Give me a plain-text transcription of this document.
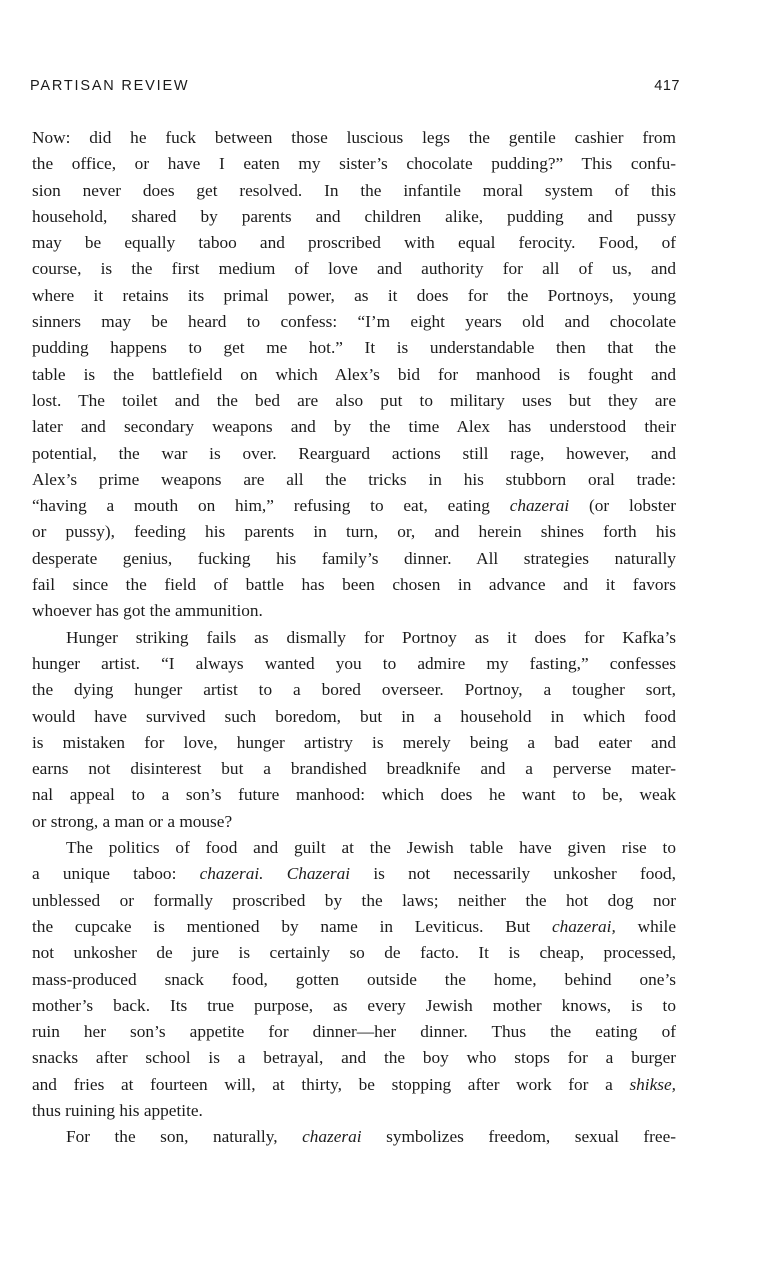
PARTISAN REVIEW	417
Now: did he fuck between those luscious legs the gentile cashier from
the office, or have I eaten my sister’s chocolate pudding?” This confu-
sion never does get resolved. In the infantile moral system of this
household, shared by parents and children alike, pudding and pussy
may be equally taboo and proscribed with equal ferocity. Food, of
course, is the first medium of love and authority for all of us, and
where it retains its primal power, as it does for the Portnoys, young
sinners may be heard to confess: “I’m eight years old and chocolate
pudding happens to get me hot.” It is understandable then that the
table is the battlefield on which Alex’s bid for manhood is fought and
lost. The toilet and the bed are also put to military uses but they are
later and secondary weapons and by the time Alex has understood their
potential, the war is over. Rearguard actions still rage, however, and
Alex’s prime weapons are all the tricks in his stubborn oral trade:
“having a mouth on him,” refusing to eat, eating chazerai (or lobster
or pussy), feeding his parents in turn, or, and herein shines forth his
desperate genius, fucking his family’s dinner. All strategies naturally
fail since the field of battle has been chosen in advance and it favors
whoever has got the ammunition.
Hunger striking fails as dismally for Portnoy as it does for Kafka’s
hunger artist. “I always wanted you to admire my fasting,” confesses
the dying hunger artist to a bored overseer. Portnoy, a tougher sort,
would have survived such boredom, but in a household in which food
is mistaken for love, hunger artistry is merely being a bad eater and
earns not disinterest but a brandished breadknife and a perverse mater-
nal appeal to a son’s future manhood: which does he want to be, weak
or strong, a man or a mouse?
The politics of food and guilt at the Jewish table have given rise to
a unique taboo: chazerai. Chazerai is not necessarily unkosher food,
unblessed or formally proscribed by the laws; neither the hot dog nor
the cupcake is mentioned by name in Leviticus. But chazerai, while
not unkosher de jure is certainly so de facto. It is cheap, processed,
mass-produced snack food, gotten outside the home, behind one’s
mother’s back. Its true purpose, as every Jewish mother knows, is to
ruin her son’s appetite for dinner—her dinner. Thus the eating of
snacks after school is a betrayal, and the boy who stops for a burger
and fries at fourteen will, at thirty, be stopping after work for a shikse,
thus ruining his appetite.
For the son, naturally, chazerai symbolizes freedom, sexual free-
